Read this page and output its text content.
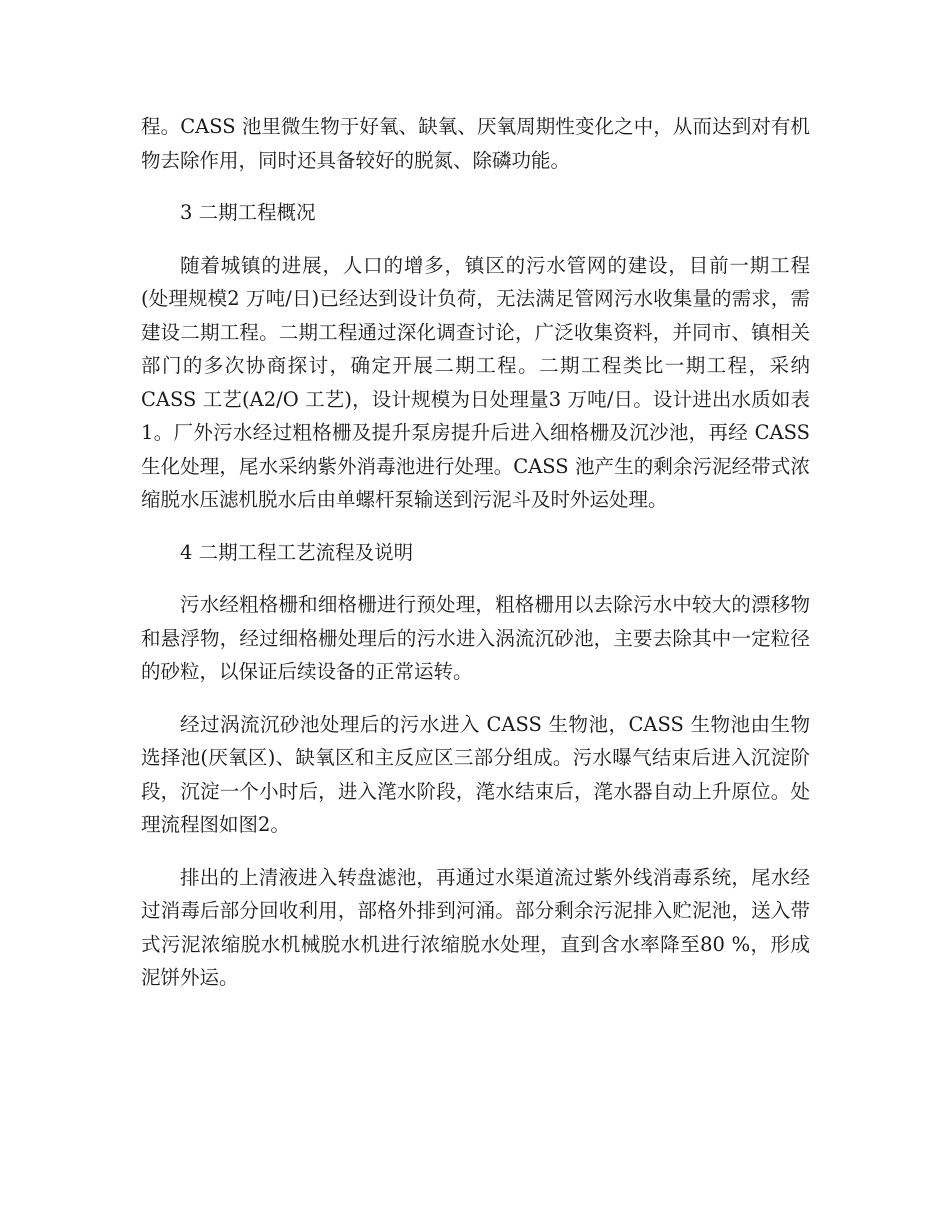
程。CASS 池里微生物于好氧、缺氧、厌氧周期性变化之中，从而达到对有机物去除作用，同时还具备较好的脱氮、除磷功能。

3 二期工程概况

随着城镇的进展，人口的增多，镇区的污水管网的建设，目前一期工程(处理规模2 万吨/日)已经达到设计负荷，无法满足管网污水收集量的需求，需建设二期工程。二期工程通过深化调查讨论，广泛收集资料，并同市、镇相关部门的多次协商探讨，确定开展二期工程。二期工程类比一期工程，采纳 CASS 工艺(A2/O 工艺)，设计规模为日处理量3 万吨/日。设计进出水质如表1。厂外污水经过粗格栅及提升泵房提升后进入细格栅及沉沙池，再经 CASS 生化处理，尾水采纳紫外消毒池进行处理。CASS 池产生的剩余污泥经带式浓缩脱水压滤机脱水后由单螺杆泵输送到污泥斗及时外运处理。

4 二期工程工艺流程及说明

污水经粗格栅和细格栅进行预处理，粗格栅用以去除污水中较大的漂移物和悬浮物，经过细格栅处理后的污水进入涡流沉砂池，主要去除其中一定粒径的砂粒，以保证后续设备的正常运转。

经过涡流沉砂池处理后的污水进入 CASS 生物池，CASS 生物池由生物选择池(厌氧区)、缺氧区和主反应区三部分组成。污水曝气结束后进入沉淀阶段，沉淀一个小时后，进入滗水阶段，滗水结束后，滗水器自动上升原位。处理流程图如图2。

排出的上清液进入转盘滤池，再通过水渠道流过紫外线消毒系统，尾水经过消毒后部分回收利用，部格外排到河涌。部分剩余污泥排入贮泥池，送入带式污泥浓缩脱水机械脱水机进行浓缩脱水处理，直到含水率降至80 %，形成泥饼外运。
